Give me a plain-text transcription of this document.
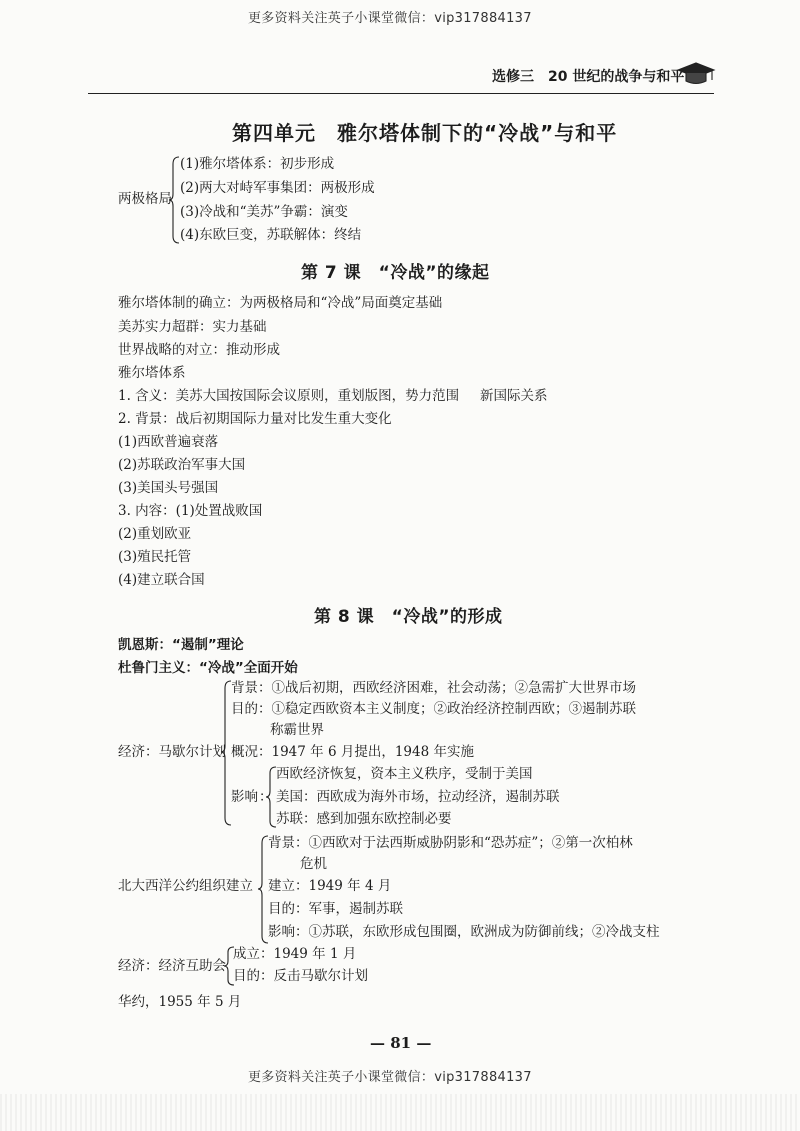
更多资料关注英子小课堂微信：vip317884137
选修三　20 世纪的战争与和平
第四单元　雅尔塔体制下的“冷战”与和平
两极格局
(1)雅尔塔体系：初步形成
(2)两大对峙军事集团：两极形成
(3)冷战和“美苏”争霸：演变
(4)东欧巨变，苏联解体：终结
第 7 课　“冷战”的缘起
雅尔塔体制的确立：为两极格局和“冷战”局面奠定基础
美苏实力超群：实力基础
世界战略的对立：推动形成
雅尔塔体系
1. 含义：美苏大国按国际会议原则，重划版图，势力范围 新国际关系
2. 背景：战后初期国际力量对比发生重大变化
(1)西欧普遍衰落
(2)苏联政治军事大国
(3)美国头号强国
3. 内容：(1)处置战败国
(2)重划欧亚
(3)殖民托管
(4)建立联合国
第 8 课　“冷战”的形成
凯恩斯：“遏制”理论
杜鲁门主义：“冷战”全面开始
经济：马歇尔计划
背景：①战后初期，西欧经济困难，社会动荡；②急需扩大世界市场
目的：①稳定西欧资本主义制度；②政治经济控制西欧；③遏制苏联
称霸世界
概况：1947 年 6 月提出，1948 年实施
影响 ：
西欧经济恢复，资本主义秩序，受制于美国
美国：西欧成为海外市场，拉动经济，遏制苏联
苏联：感到加强东欧控制必要
北大西洋公约组织建立
背景：①西欧对于法西斯威胁阴影和“恐苏症”；②第一次柏林
危机
建立：1949 年 4 月
目的：军事，遏制苏联
影响：①苏联，东欧形成包围圈，欧洲成为防御前线；②冷战支柱
经济：经济互助会
成立：1949 年 1 月
目的：反击马歇尔计划
华约，1955 年 5 月
— 81 —
更多资料关注英子小课堂微信：vip317884137
